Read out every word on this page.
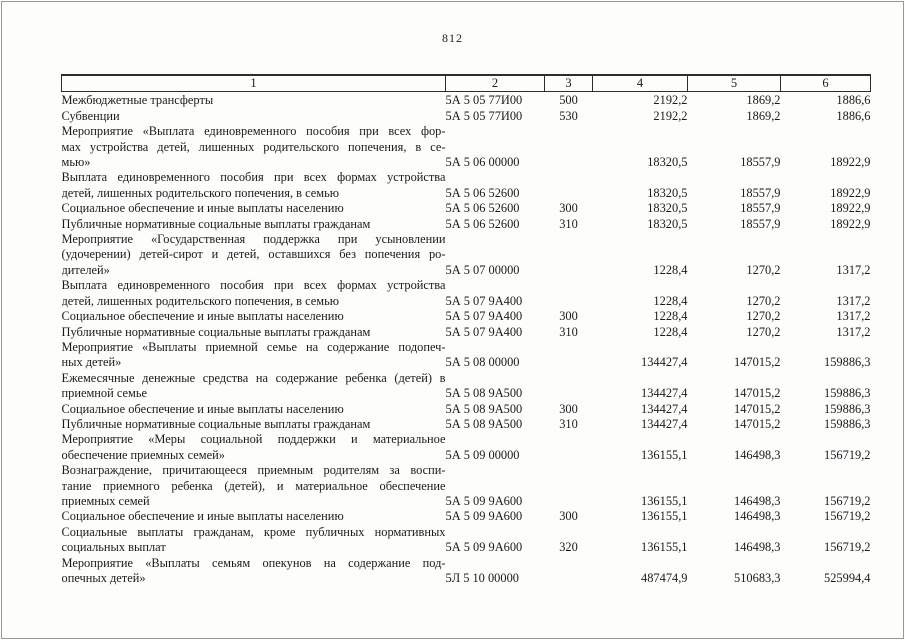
812
1	2	3	4	5	6

Межбюджетные трансферты	5А 5 05 77И00	500	2192,2	1869,2	1886,6

Субвенции	5А 5 05 77И00	530	2192,2	1869,2	1886,6

Мероприятие «Выплата единовременного пособия при всех фор-
мах устройства детей, лишенных родительского попечения, в се-
мью»	5А 5 06 00000		18320,5	18557,9	18922,9

Выплата единовременного пособия при всех формах устройства
детей, лишенных родительского попечения, в семью	5А 5 06 52600		18320,5	18557,9	18922,9

Социальное обеспечение и иные выплаты населению	5А 5 06 52600	300	18320,5	18557,9	18922,9

Публичные нормативные социальные выплаты гражданам	5А 5 06 52600	310	18320,5	18557,9	18922,9

Мероприятие «Государственная поддержка при усыновлении
(удочерении) детей-сирот и детей, оставшихся без попечения ро-
дителей»	5А 5 07 00000		1228,4	1270,2	1317,2

Выплата единовременного пособия при всех формах устройства
детей, лишенных родительского попечения, в семью	5А 5 07 9А400		1228,4	1270,2	1317,2

Социальное обеспечение и иные выплаты населению	5А 5 07 9А400	300	1228,4	1270,2	1317,2

Публичные нормативные социальные выплаты гражданам	5А 5 07 9А400	310	1228,4	1270,2	1317,2

Мероприятие «Выплаты приемной семье на содержание подопеч-
ных детей»	5А 5 08 00000		134427,4	147015,2	159886,3

Ежемесячные денежные средства на содержание ребенка (детей) в
приемной семье	5А 5 08 9А500		134427,4	147015,2	159886,3

Социальное обеспечение и иные выплаты населению	5А 5 08 9А500	300	134427,4	147015,2	159886,3

Публичные нормативные социальные выплаты гражданам	5А 5 08 9А500	310	134427,4	147015,2	159886,3

Мероприятие «Меры социальной поддержки и материальное
обеспечение приемных семей»	5А 5 09 00000		136155,1	146498,3	156719,2

Вознаграждение, причитающееся приемным родителям за воспи-
тание приемного ребенка (детей), и материальное обеспечение
приемных семей	5А 5 09 9А600		136155,1	146498,3	156719,2

Социальное обеспечение и иные выплаты населению	5А 5 09 9А600	300	136155,1	146498,3	156719,2

Социальные выплаты гражданам, кроме публичных нормативных
социальных выплат	5А 5 09 9А600	320	136155,1	146498,3	156719,2

Мероприятие «Выплаты семьям опекунов на содержание под-
опечных детей»	5Л 5 10 00000		487474,9	510683,3	525994,4
